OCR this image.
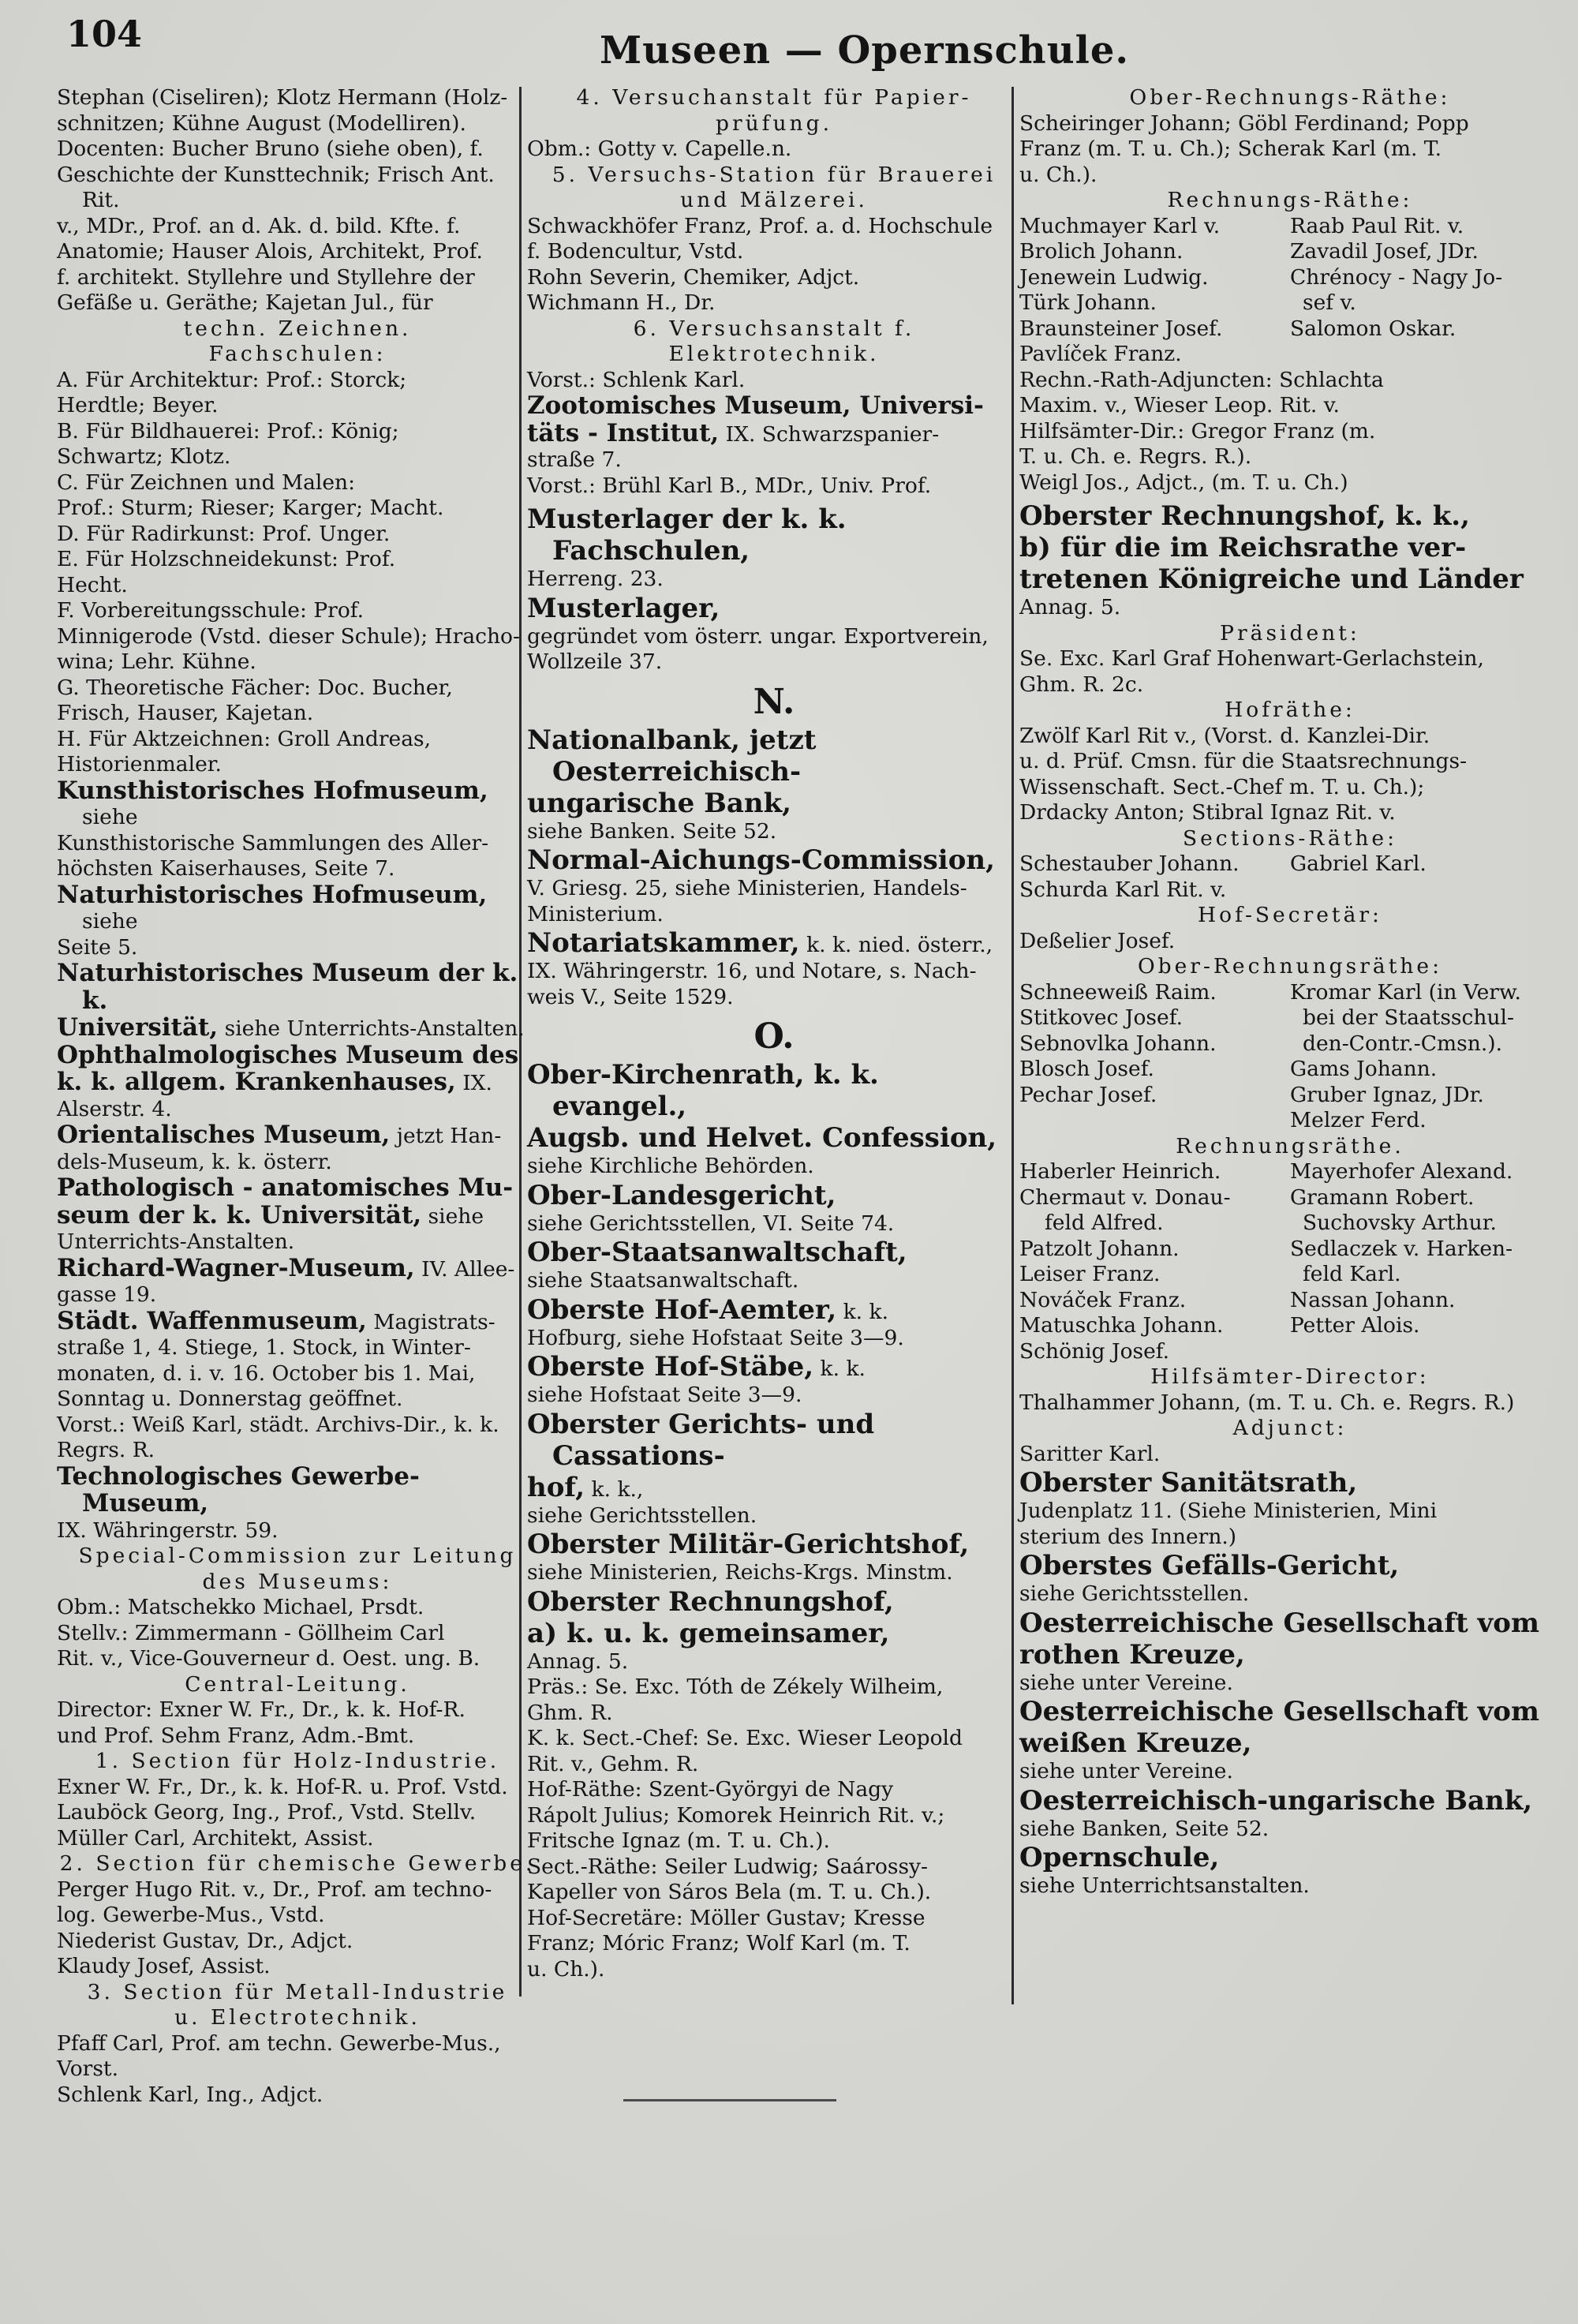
104	Museen — Opernschule.

Stephan (Ciseliren); Klotz Hermann (Holz-

schnitzen; Kühne August (Modelliren).

Docenten: Bucher Bruno (siehe oben), f.

Geschichte der Kunsttechnik; Frisch Ant. Rit.

v., MDr., Prof. an d. Ak. d. bild. Kfte. f.

Anatomie; Hauser Alois, Architekt, Prof.

f. architekt. Styllehre und Styllehre der

Gefäße u. Geräthe; Kajetan Jul., für

techn. Zeichnen.

Fachschulen:

A. Für Architektur: Prof.: Storck;

Herdtle; Beyer.

B. Für Bildhauerei: Prof.: König;

Schwartz; Klotz.

C. Für Zeichnen und Malen:

Prof.: Sturm; Rieser; Karger; Macht.

D. Für Radirkunst: Prof. Unger.

E. Für Holzschneidekunst: Prof.

Hecht.

F. Vorbereitungsschule: Prof.

Minnigerode (Vstd. dieser Schule); Hracho-

wina; Lehr. Kühne.

G. Theoretische Fächer: Doc. Bucher,

Frisch, Hauser, Kajetan.

H. Für Aktzeichnen: Groll Andreas,

Historienmaler.

Kunsthistorisches Hofmuseum, siehe

Kunsthistorische Sammlungen des Aller-

höchsten Kaiserhauses, Seite 7.

Naturhistorisches Hofmuseum, siehe

Seite 5.

Naturhistorisches Museum der k. k.

Universität, siehe Unterrichts-Anstalten.

Ophthalmologisches Museum des

k. k. allgem. Krankenhauses, IX.

Alserstr. 4.

Orientalisches Museum, jetzt Han-

dels-Museum, k. k. österr.

Pathologisch - anatomisches Mu-

seum der k. k. Universität, siehe

Unterrichts-Anstalten.

Richard-Wagner-Museum, IV. Allee-

gasse 19.

Städt. Waffenmuseum, Magistrats-

straße 1, 4. Stiege, 1. Stock, in Winter-

monaten, d. i. v. 16. October bis 1. Mai,

Sonntag u. Donnerstag geöffnet.

Vorst.: Weiß Karl, städt. Archivs-Dir., k. k.

Regrs. R.

Technologisches Gewerbe-Museum,

IX. Währingerstr. 59.

Special-Commission zur Leitung

des Museums:

Obm.: Matschekko Michael, Prsdt.

Stellv.: Zimmermann - Göllheim Carl

Rit. v., Vice-Gouverneur d. Oest. ung. B.

Central-Leitung.

Director: Exner W. Fr., Dr., k. k. Hof-R.

und Prof. Sehm Franz, Adm.-Bmt.

1. Section für Holz-Industrie.

Exner W. Fr., Dr., k. k. Hof-R. u. Prof. Vstd.

Lauböck Georg, Ing., Prof., Vstd. Stellv.

Müller Carl, Architekt, Assist.

2. Section für chemische Gewerbe.

Perger Hugo Rit. v., Dr., Prof. am techno-

log. Gewerbe-Mus., Vstd.

Niederist Gustav, Dr., Adjct.

Klaudy Josef, Assist.

3. Section für Metall-Industrie

u. Electrotechnik.

Pfaff Carl, Prof. am techn. Gewerbe-Mus.,

Vorst.

Schlenk Karl, Ing., Adjct.

4. Versuchanstalt für Papier-

prüfung.

Obm.: Gotty v. Capelle.n.

5. Versuchs-Station für Brauerei

und Mälzerei.

Schwackhöfer Franz, Prof. a. d. Hochschule

f. Bodencultur, Vstd.

Rohn Severin, Chemiker, Adjct.

Wichmann H., Dr.

6. Versuchsanstalt f. Elektrotechnik.

Vorst.: Schlenk Karl.

Zootomisches Museum, Universi-

täts - Institut, IX. Schwarzspanier-

straße 7.

Vorst.: Brühl Karl B., MDr., Univ. Prof.

Musterlager der k. k. Fachschulen,

Herreng. 23.

Musterlager,

gegründet vom österr. ungar. Exportverein,

Wollzeile 37.

N.

Nationalbank, jetzt Oesterreichisch-

ungarische Bank,

siehe Banken. Seite 52.

Normal-Aichungs-Commission,

V. Griesg. 25, siehe Ministerien, Handels-

Ministerium.

Notariatskammer, k. k. nied. österr.,

IX. Währingerstr. 16, und Notare, s. Nach-

weis V., Seite 1529.

O.

Ober-Kirchenrath, k. k. evangel.,

Augsb. und Helvet. Confession,

siehe Kirchliche Behörden.

Ober-Landesgericht,

siehe Gerichtsstellen, VI. Seite 74.

Ober-Staatsanwaltschaft,

siehe Staatsanwaltschaft.

Oberste Hof-Aemter, k. k.

Hofburg, siehe Hofstaat Seite 3—9.

Oberste Hof-Stäbe, k. k.

siehe Hofstaat Seite 3—9.

Oberster Gerichts- und Cassations-

hof, k. k.,

siehe Gerichtsstellen.

Oberster Militär-Gerichtshof,

siehe Ministerien, Reichs-Krgs. Minstm.

Oberster Rechnungshof,

a) k. u. k. gemeinsamer,

Annag. 5.

Präs.: Se. Exc. Tóth de Zékely Wilheim,

Ghm. R.

K. k. Sect.-Chef: Se. Exc. Wieser Leopold

Rit. v., Gehm. R.

Hof-Räthe: Szent-Györgyi de Nagy

Rápolt Julius; Komorek Heinrich Rit. v.;

Fritsche Ignaz (m. T. u. Ch.).

Sect.-Räthe: Seiler Ludwig; Saárossy-

Kapeller von Sáros Bela (m. T. u. Ch.).

Hof-Secretäre: Möller Gustav; Kresse

Franz; Móric Franz; Wolf Karl (m. T.

u. Ch.).

Ober-Rechnungs-Räthe:

Scheiringer Johann; Göbl Ferdinand; Popp

Franz (m. T. u. Ch.); Scherak Karl (m. T.

u. Ch.).

Rechnungs-Räthe:

Muchmayer Karl v.	Raab Paul Rit. v.
Brolich Johann.	Zavadil Josef, JDr.
Jenewein Ludwig.	Chrénocy - Nagy Jo-
Türk Johann.	sef v.
Braunsteiner Josef.	Salomon Oskar.
Pavlíček Franz.

Rechn.-Rath-Adjuncten: Schlachta

Maxim. v., Wieser Leop. Rit. v.

Hilfsämter-Dir.: Gregor Franz (m.

T. u. Ch. e. Regrs. R.).

Weigl Jos., Adjct., (m. T. u. Ch.)

Oberster Rechnungshof, k. k.,

b) für die im Reichsrathe ver-

tretenen Königreiche und Länder

Annag. 5.

Präsident:

Se. Exc. Karl Graf Hohenwart-Gerlachstein,

Ghm. R. 2c.

Hofräthe:

Zwölf Karl Rit v., (Vorst. d. Kanzlei-Dir.

u. d. Prüf. Cmsn. für die Staatsrechnungs-

Wissenschaft. Sect.-Chef m. T. u. Ch.);

Drdacky Anton; Stibral Ignaz Rit. v.

Sections-Räthe:

Schestauber Johann.	Gabriel Karl.
Schurda Karl Rit. v.

Hof-Secretär:

Deßelier Josef.

Ober-Rechnungsräthe:

Schneeweiß Raim.	Kromar Karl (in Verw.
Stitkovec Josef.	bei der Staatsschul-
Sebnovlka Johann.	den-Contr.-Cmsn.).
Blosch Josef.	Gams Johann.
Pechar Josef.	Gruber Ignaz, JDr.
Melzer Ferd.

Rechnungsräthe.

Haberler Heinrich.	Mayerhofer Alexand.
Chermaut v. Donau-	Gramann Robert.
feld Alfred.	Suchovsky Arthur.
Patzolt Johann.	Sedlaczek v. Harken-
Leiser Franz.	feld Karl.
Nováček Franz.	Nassan Johann.
Matuschka Johann.	Petter Alois.
Schönig Josef.

Hilfsämter-Director:

Thalhammer Johann, (m. T. u. Ch. e. Regrs. R.)

Adjunct:

Saritter Karl.

Oberster Sanitätsrath,

Judenplatz 11. (Siehe Ministerien, Mini

sterium des Innern.)

Oberstes Gefälls-Gericht,

siehe Gerichtsstellen.

Oesterreichische Gesellschaft vom

rothen Kreuze,

siehe unter Vereine.

Oesterreichische Gesellschaft vom

weißen Kreuze,

siehe unter Vereine.

Oesterreichisch-ungarische Bank,

siehe Banken, Seite 52.

Opernschule,

siehe Unterrichtsanstalten.
